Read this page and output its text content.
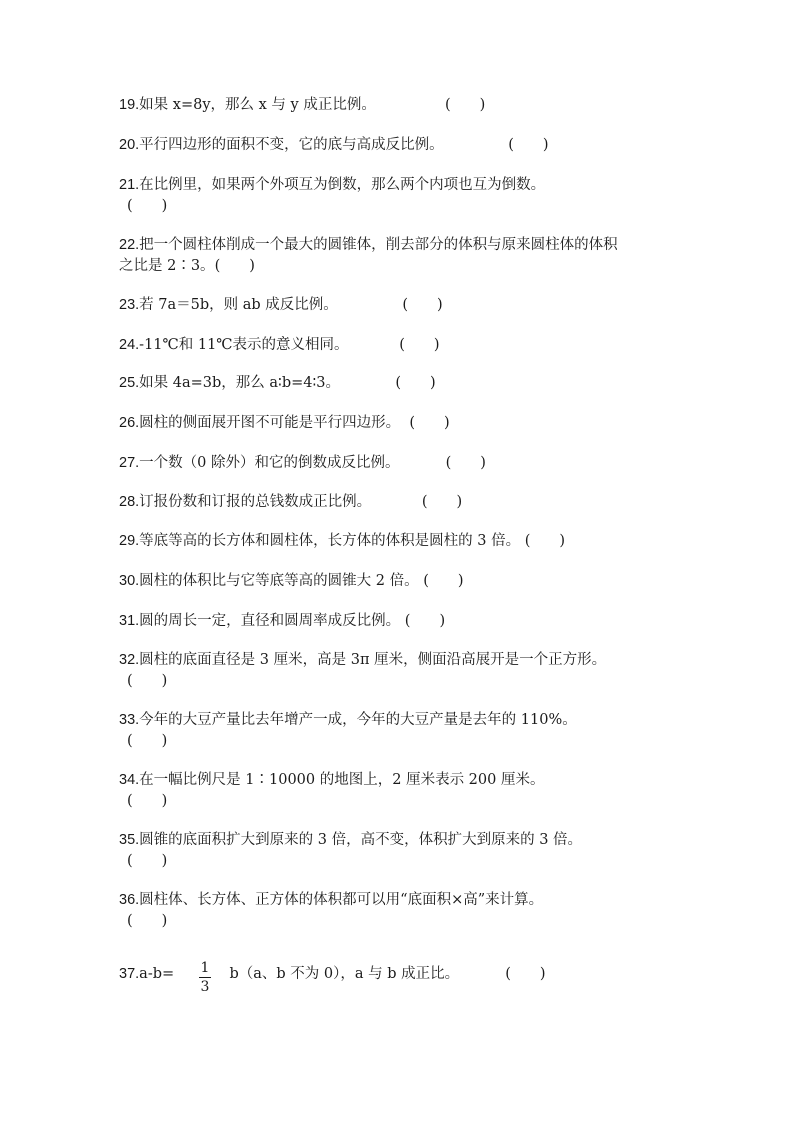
19.如果 x=8y，那么 x 与 y 成正比例。	(　　)
20.平行四边形的面积不变，它的底与高成反比例。	(　　)
21.在比例里，如果两个外项互为倒数，那么两个内项也互为倒数。
(　　)
22.把一个圆柱体削成一个最大的圆锥体，削去部分的体积与原来圆柱体的体积
之比是 2∶3。(　　)
23.若 7a＝5b，则 ab 成反比例。	(　　)
24.-11℃和 11℃表示的意义相同。	(　　)
25.如果 4a=3b，那么 a∶b=4∶3。	(　　)
26.圆柱的侧面展开图不可能是平行四边形。 (　　)
27.一个数（0 除外）和它的倒数成反比例。	(　　)
28.订报份数和订报的总钱数成正比例。	(　　)
29.等底等高的长方体和圆柱体，长方体的体积是圆柱的 3 倍。 (　　)
30.圆柱的体积比与它等底等高的圆锥大 2 倍。 (　　)
31.圆的周长一定，直径和圆周率成反比例。 (　　)
32.圆柱的底面直径是 3 厘米，高是 3π 厘米，侧面沿高展开是一个正方形。
(　　)
33.今年的大豆产量比去年增产一成，今年的大豆产量是去年的 110%。
(　　)
34.在一幅比例尺是 1∶10000 的地图上，2 厘米表示 200 厘米。
(　　)
35.圆锥的底面积扩大到原来的 3 倍，高不变，体积扩大到原来的 3 倍。
(　　)
36.圆柱体、长方体、正方体的体积都可以用“底面积×高”来计算。
(　　)
37.a-b=	b（a、b 不为 0），a 与 b 成正比。	(　　)
1
3
